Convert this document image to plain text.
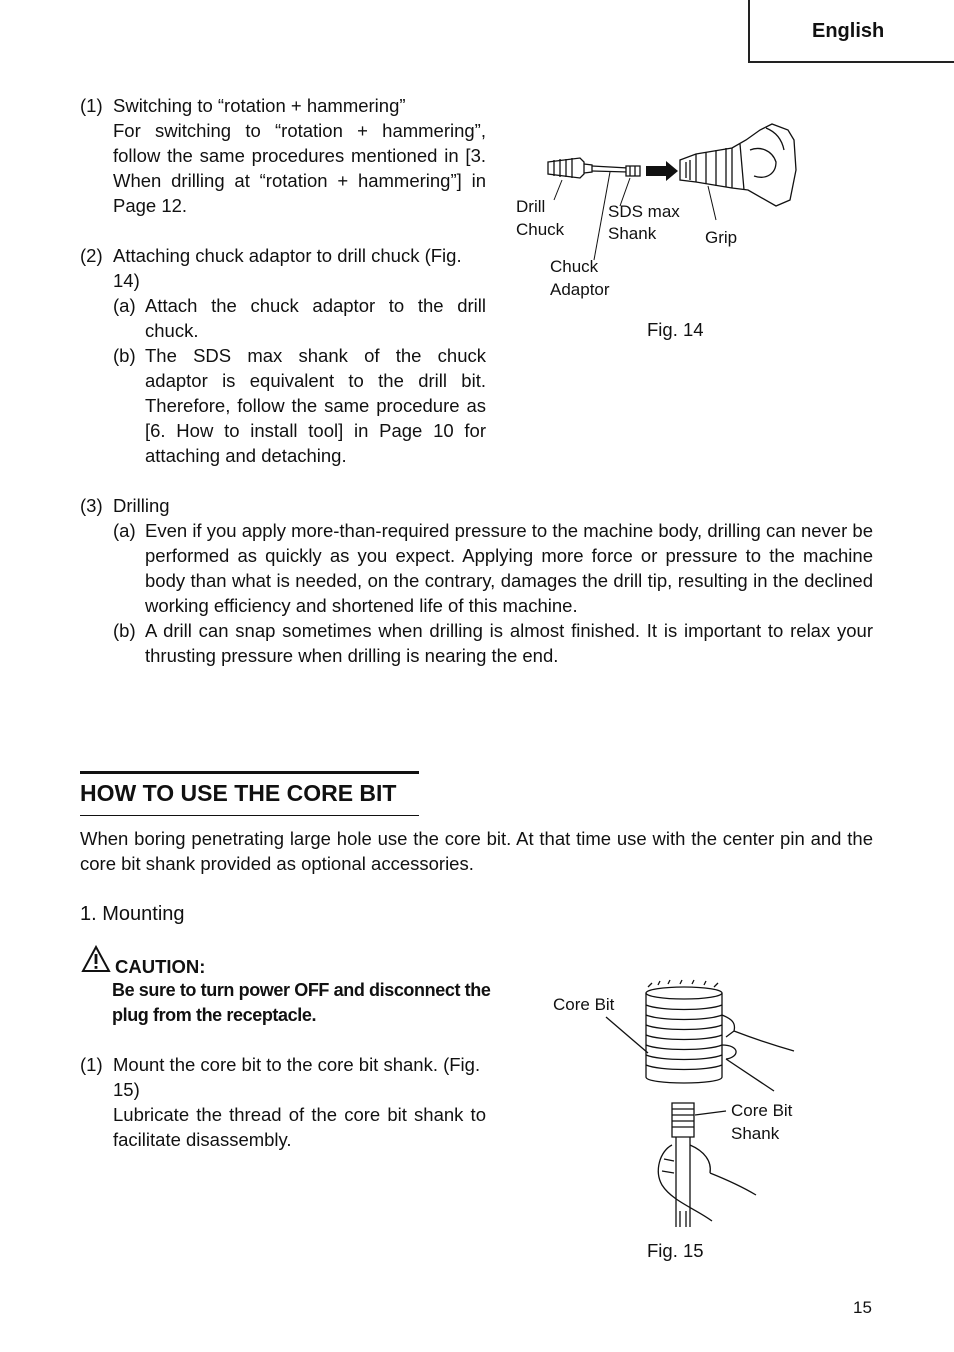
English
(1) Switching to “rotation + hammering”
For switching to “rotation + hammering”, follow the same procedures mentioned in [3. When drilling at “rotation + hammering”] in Page 12.
(2) Attaching chuck adaptor to drill chuck (Fig. 14)
(a) Attach the chuck adaptor to the drill chuck.
(b) The SDS max shank of the chuck adaptor is equivalent to the drill bit. Therefore, follow the same procedure as [6. How to install tool] in Page 10 for attaching and detaching.
(3) Drilling
(a) Even if you apply more-than-required pressure to the machine body, drilling can never be performed as quickly as you expect. Applying more force or pressure to the machine body than what is needed, on the contrary, damages the drill tip, resulting in the declined working efficiency and shortened life of this machine.
(b) A drill can snap sometimes when drilling is almost finished. It is important to relax your thrusting pressure when drilling is nearing the end.
Drill
Chuck
SDS max
Shank	Grip
Chuck
Adaptor
Fig. 14
HOW TO USE THE CORE BIT
When boring penetrating large hole use the core bit. At that time use with the center pin and the core bit shank provided as optional accessories.
1. Mounting
CAUTION:
Be sure to turn power OFF and disconnect the plug from the receptacle.
(1) Mount the core bit to the core bit shank. (Fig. 15)
Lubricate the thread of the core bit shank to facilitate disassembly.
Core Bit
Core Bit
Shank
Fig. 15
15
